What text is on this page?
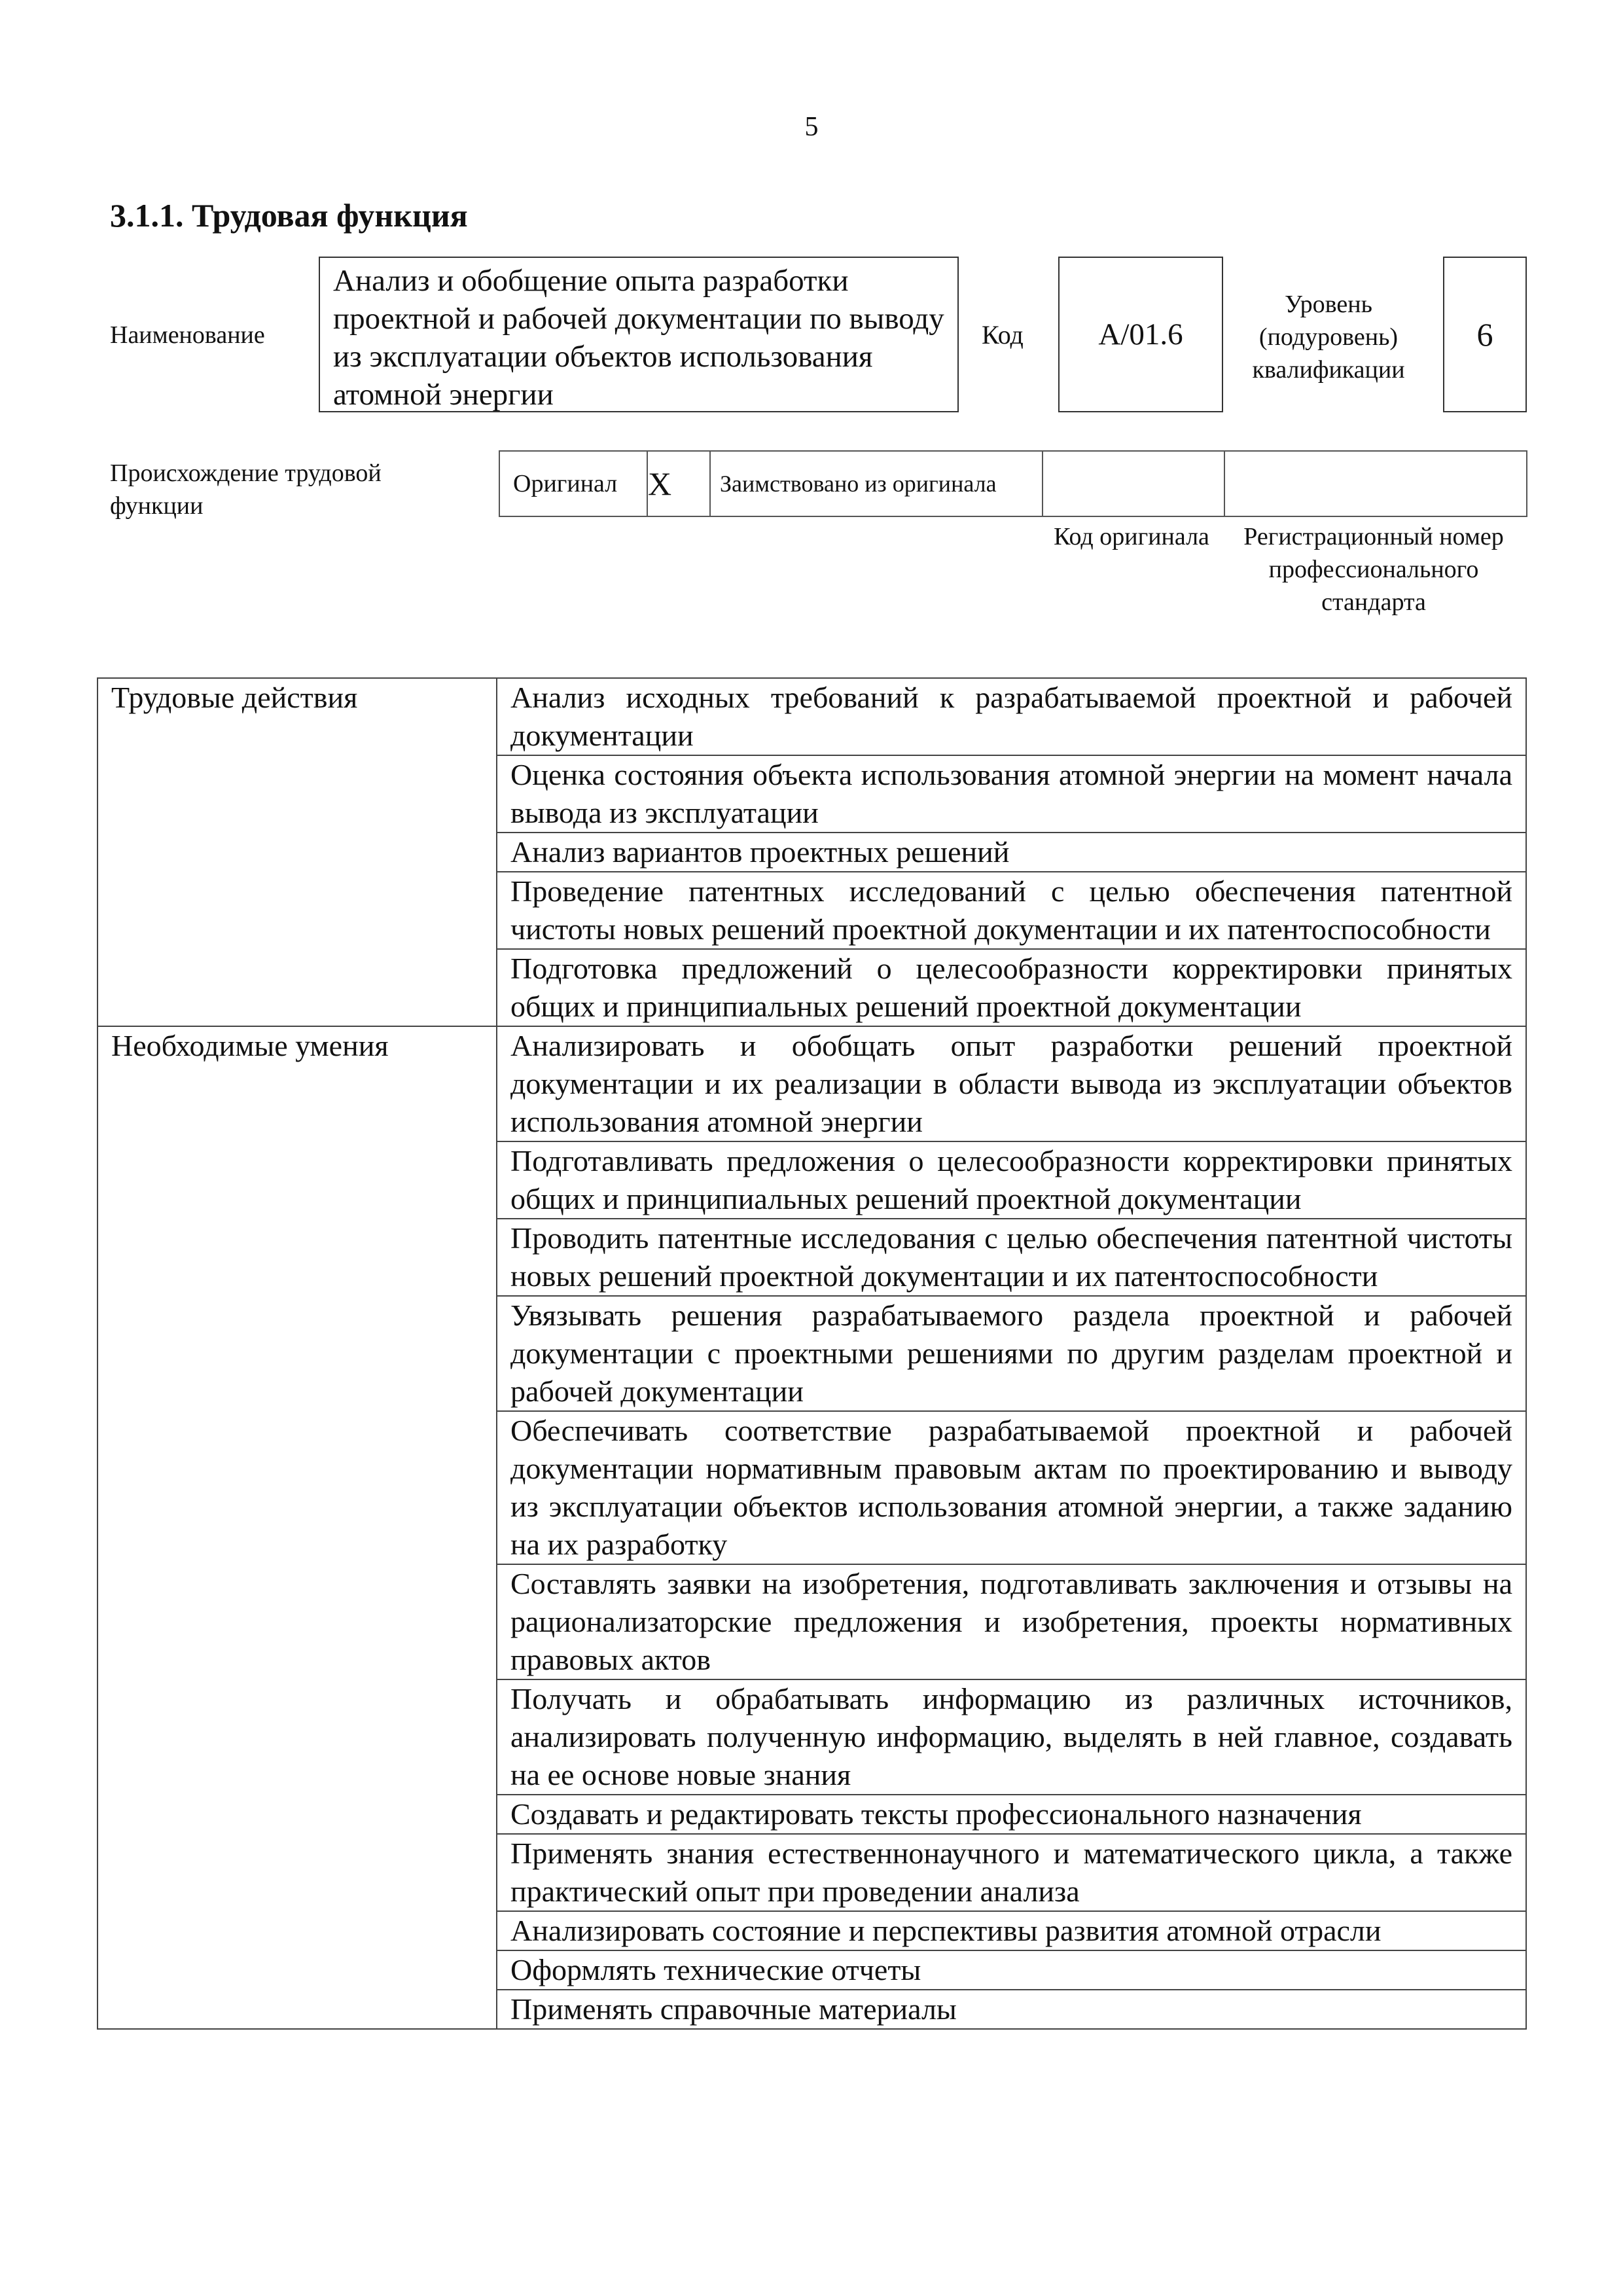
5
3.1.1. Трудовая функция
Наименование
Анализ и обобщение опыта разработки проектной и рабочей документации по выводу из эксплуатации объектов использования атомной энергии
Код	A/01.6
Уровень (подуровень) квалификации
6
Происхождение трудовой функции
Оригинал	X	Заимствовано из оригинала		
Код оригинала	Регистрационный номер профессионального стандарта
Трудовые действия	Анализ исходных требований к разрабатываемой проектной и рабочей документации
	Оценка состояния объекта использования атомной энергии на момент начала вывода из эксплуатации
	Анализ вариантов проектных решений
	Проведение патентных исследований с целью обеспечения патентной чистоты новых решений проектной документации и их патентоспособности
	Подготовка предложений о целесообразности корректировки принятых общих и принципиальных решений проектной документации
Необходимые умения	Анализировать и обобщать опыт разработки решений проектной документации и их реализации в области вывода из эксплуатации объектов использования атомной энергии
	Подготавливать предложения о целесообразности корректировки принятых общих и принципиальных решений проектной документации
	Проводить патентные исследования с целью обеспечения патентной чистоты новых решений проектной документации и их патентоспособности
	Увязывать решения разрабатываемого раздела проектной и рабочей документации с проектными решениями по другим разделам проектной и рабочей документации
	Обеспечивать соответствие разрабатываемой проектной и рабочей документации нормативным правовым актам по проектированию и выводу из эксплуатации объектов использования атомной энергии, а также заданию на их разработку
	Составлять заявки на изобретения, подготавливать заключения и отзывы на рационализаторские предложения и изобретения, проекты нормативных правовых актов
	Получать и обрабатывать информацию из различных источников, анализировать полученную информацию, выделять в ней главное, создавать на ее основе новые знания
	Создавать и редактировать тексты профессионального назначения
	Применять знания естественнонаучного и математического цикла, а также практический опыт при проведении анализа
	Анализировать состояние и перспективы развития атомной отрасли
	Оформлять технические отчеты
	Применять справочные материалы
